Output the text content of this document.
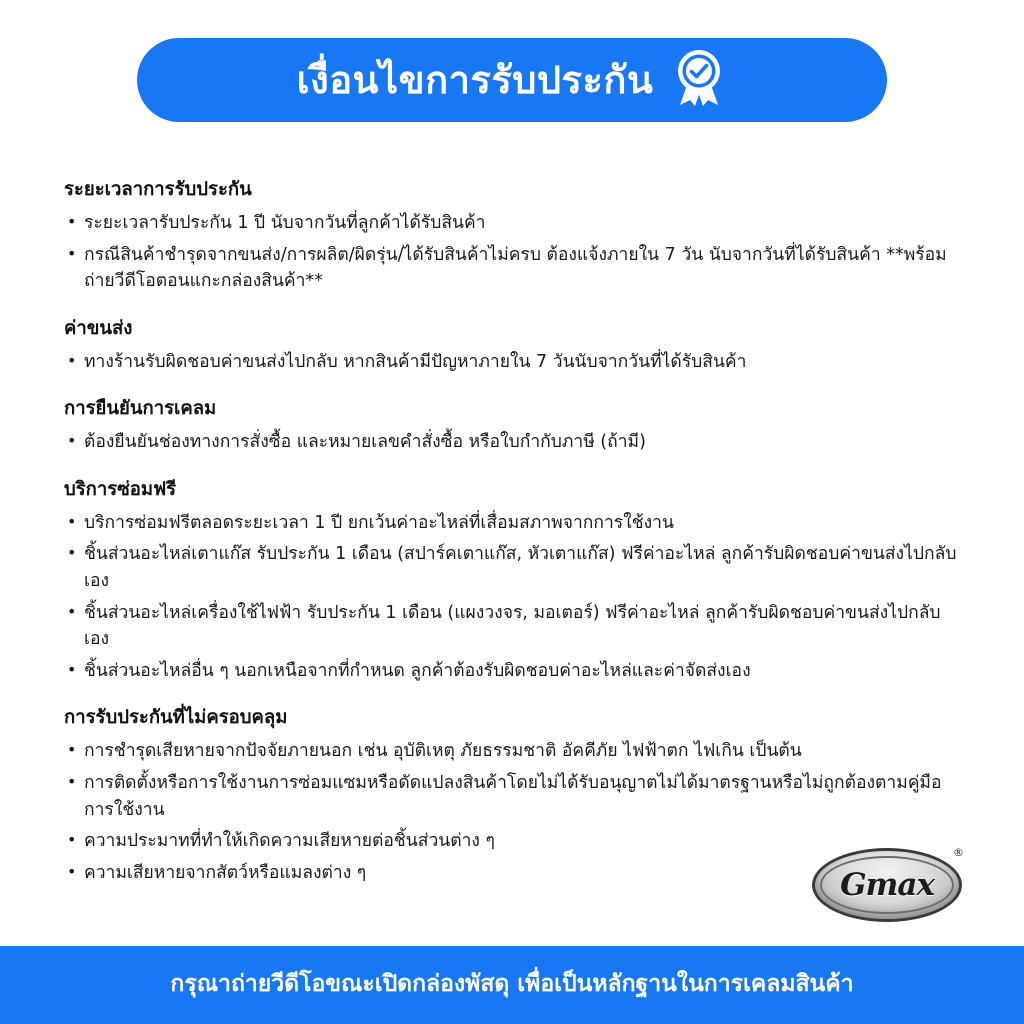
เงื่อนไขการรับประกัน
ระยะเวลาการรับประกัน
• ระยะเวลารับประกัน 1 ปี นับจากวันที่ลูกค้าได้รับสินค้า
• กรณีสินค้าชำรุดจากขนส่ง/การผลิต/ผิดรุ่น/ได้รับสินค้าไม่ครบ ต้องแจ้งภายใน 7 วัน นับจากวันที่ได้รับสินค้า **พร้อมถ่ายวีดีโอตอนแกะกล่องสินค้า**
ค่าขนส่ง
• ทางร้านรับผิดชอบค่าขนส่งไปกลับ หากสินค้ามีปัญหาภายใน 7 วันนับจากวันที่ได้รับสินค้า
การยืนยันการเคลม
• ต้องยืนยันช่องทางการสั่งซื้อ และหมายเลขคำสั่งซื้อ หรือใบกำกับภาษี (ถ้ามี)
บริการซ่อมฟรี
• บริการซ่อมฟรีตลอดระยะเวลา 1 ปี ยกเว้นค่าอะไหล่ที่เสื่อมสภาพจากการใช้งาน
• ชิ้นส่วนอะไหล่เตาแก๊ส รับประกัน 1 เดือน (สปาร์คเตาแก๊ส, หัวเตาแก๊ส) ฟรีค่าอะไหล่ ลูกค้ารับผิดชอบค่าขนส่งไปกลับเอง
• ชิ้นส่วนอะไหล่เครื่องใช้ไฟฟ้า รับประกัน 1 เดือน (แผงวงจร, มอเตอร์) ฟรีค่าอะไหล่ ลูกค้ารับผิดชอบค่าขนส่งไปกลับเอง
• ชิ้นส่วนอะไหล่อื่น ๆ นอกเหนือจากที่กำหนด ลูกค้าต้องรับผิดชอบค่าอะไหล่และค่าจัดส่งเอง
การรับประกันที่ไม่ครอบคลุม
• การชำรุดเสียหายจากปัจจัยภายนอก เช่น อุบัติเหตุ ภัยธรรมชาติ อัคคีภัย ไฟฟ้าตก ไฟเกิน เป็นต้น
• การติดตั้งหรือการใช้งานการซ่อมแซมหรือดัดแปลงสินค้าโดยไม่ได้รับอนุญาตไม่ได้มาตรฐานหรือไม่ถูกต้องตามคู่มือการใช้งาน
• ความประมาทที่ทำให้เกิดความเสียหายต่อชิ้นส่วนต่าง ๆ
• ความเสียหายจากสัตว์หรือแมลงต่าง ๆ	Gmax
®
กรุณาถ่ายวีดีโอขณะเปิดกล่องพัสดุ เพื่อเป็นหลักฐานในการเคลมสินค้า
